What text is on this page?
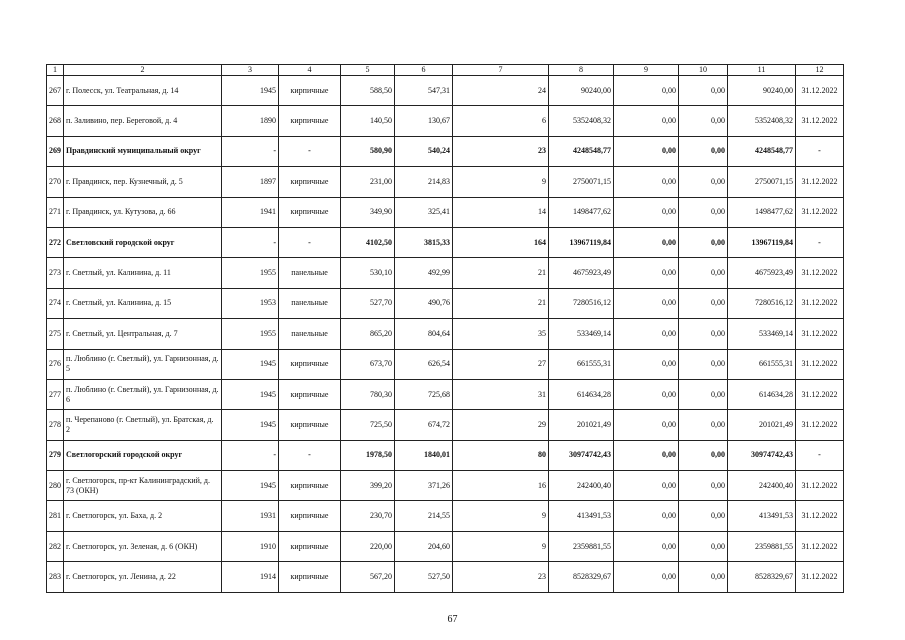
1	2	3	4	5	6	7	8	9	10	11	12
267	г. Полесск, ул. Театральная, д. 14	1945	кирпичные	588,50	547,31	24	90240,00	0,00	0,00	90240,00	31.12.2022
268	п. Заливино, пер. Береговой, д. 4	1890	кирпичные	140,50	130,67	6	5352408,32	0,00	0,00	5352408,32	31.12.2022
269	Правдинский муниципальный округ	-	-	580,90	540,24	23	4248548,77	0,00	0,00	4248548,77	-
270	г. Правдинск, пер. Кузнечный, д. 5	1897	кирпичные	231,00	214,83	9	2750071,15	0,00	0,00	2750071,15	31.12.2022
271	г. Правдинск, ул. Кутузова, д. 66	1941	кирпичные	349,90	325,41	14	1498477,62	0,00	0,00	1498477,62	31.12.2022
272	Светловский городской округ	-	-	4102,50	3815,33	164	13967119,84	0,00	0,00	13967119,84	-
273	г. Светлый, ул. Калинина, д. 11	1955	панельные	530,10	492,99	21	4675923,49	0,00	0,00	4675923,49	31.12.2022
274	г. Светлый, ул. Калинина, д. 15	1953	панельные	527,70	490,76	21	7280516,12	0,00	0,00	7280516,12	31.12.2022
275	г. Светлый, ул. Центральная, д. 7	1955	панельные	865,20	804,64	35	533469,14	0,00	0,00	533469,14	31.12.2022
276	п. Люблино (г. Светлый), ул. Гарнизонная, д. 5	1945	кирпичные	673,70	626,54	27	661555,31	0,00	0,00	661555,31	31.12.2022
277	п. Люблино (г. Светлый), ул. Гарнизонная, д. 6	1945	кирпичные	780,30	725,68	31	614634,28	0,00	0,00	614634,28	31.12.2022
278	п. Черепаново (г. Светлый), ул. Братская, д. 2	1945	кирпичные	725,50	674,72	29	201021,49	0,00	0,00	201021,49	31.12.2022
279	Светлогорский городской округ	-	-	1978,50	1840,01	80	30974742,43	0,00	0,00	30974742,43	-
280	г. Светлогорск, пр-кт Калининградский, д. 73 (ОКН)	1945	кирпичные	399,20	371,26	16	242400,40	0,00	0,00	242400,40	31.12.2022
281	г. Светлогорск, ул. Баха, д. 2	1931	кирпичные	230,70	214,55	9	413491,53	0,00	0,00	413491,53	31.12.2022
282	г. Светлогорск, ул. Зеленая, д. 6 (ОКН)	1910	кирпичные	220,00	204,60	9	2359881,55	0,00	0,00	2359881,55	31.12.2022
283	г. Светлогорск, ул. Ленина, д. 22	1914	кирпичные	567,20	527,50	23	8528329,67	0,00	0,00	8528329,67	31.12.2022
67
